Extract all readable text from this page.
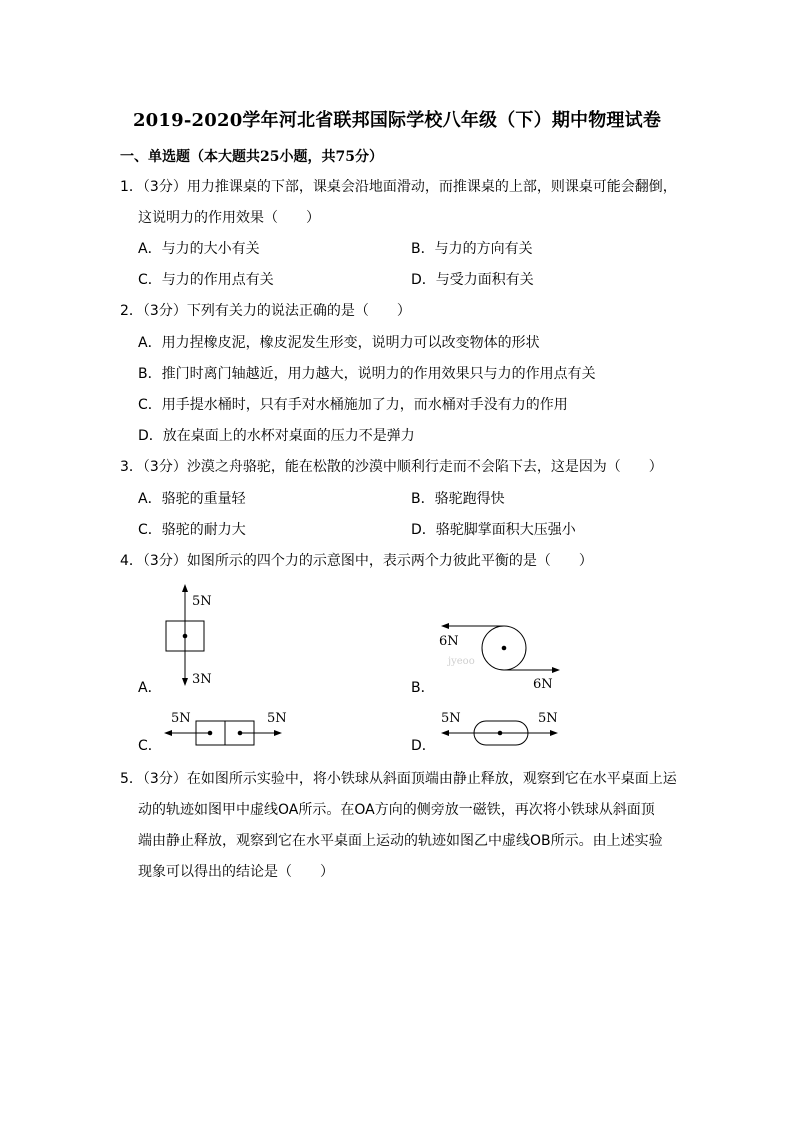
2019-2020学年河北省联邦国际学校八年级（下）期中物理试卷
一、单选题（本大题共25小题，共75分）
1．（3分）用力推课桌的下部，课桌会沿地面滑动，而推课桌的上部，则课桌可能会翻倒，
这说明力的作用效果（　　）
A．与力的大小有关	B．与力的方向有关
C．与力的作用点有关	D．与受力面积有关
2．（3分）下列有关力的说法正确的是（　　）
A．用力捏橡皮泥，橡皮泥发生形变，说明力可以改变物体的形状
B．推门时离门轴越近，用力越大，说明力的作用效果只与力的作用点有关
C．用手提水桶时，只有手对水桶施加了力，而水桶对手没有力的作用
D．放在桌面上的水杯对桌面的压力不是弹力
3．（3分）沙漠之舟骆驼，能在松散的沙漠中顺利行走而不会陷下去，这是因为（　　）
A．骆驼的重量轻	B．骆驼跑得快
C．骆驼的耐力大	D．骆驼脚掌面积大压强小
4．（3分）如图所示的四个力的示意图中，表示两个力彼此平衡的是（　　）
A．
5N
3N
B．
6N
6N
jyeoo
C．
5N	5N
D．
5N	5N
5．（3分）在如图所示实验中，将小铁球从斜面顶端由静止释放，观察到它在水平桌面上运
动的轨迹如图甲中虚线OA所示。在OA方向的侧旁放一磁铁，再次将小铁球从斜面顶
端由静止释放，观察到它在水平桌面上运动的轨迹如图乙中虚线OB所示。由上述实验
现象可以得出的结论是（　　）
